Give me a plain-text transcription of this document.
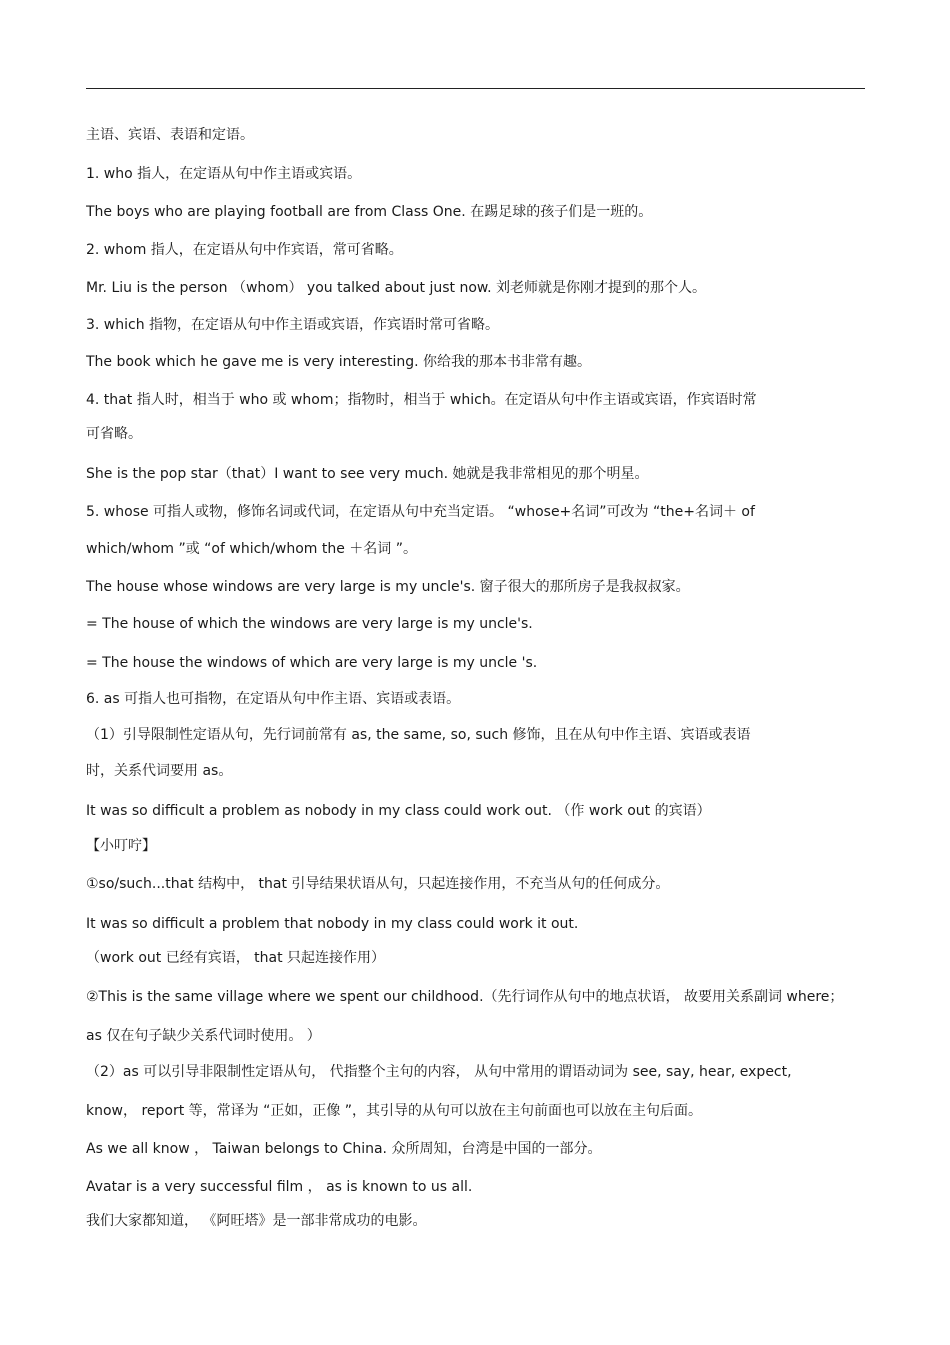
主语、宾语、表语和定语。
1. who 指人，在定语从句中作主语或宾语。
The boys who are playing football are from Class One. 在踢足球的孩子们是一班的。
2. whom 指人，在定语从句中作宾语，常可省略。
Mr. Liu is the person （whom） you talked about just now. 刘老师就是你刚才提到的那个人。
3. which 指物，在定语从句中作主语或宾语，作宾语时常可省略。
The book which he gave me is very interesting. 你给我的那本书非常有趣。
4. that 指人时，相当于 who 或 whom；指物时，相当于 which。在定语从句中作主语或宾语，作宾语时常
可省略。
She is the pop star（that）I want to see very much. 她就是我非常相见的那个明星。
5. whose 可指人或物，修饰名词或代词，在定语从句中充当定语。 “whose+名词”可改为 “the+名词＋ of
which/whom ”或 “of which/whom the ＋名词 ”。
The house whose windows are very large is my uncle's. 窗子很大的那所房子是我叔叔家。
= The house of which the windows are very large is my uncle's.
= The house the windows of which are very large is my uncle 's.
6. as 可指人也可指物，在定语从句中作主语、宾语或表语。
（1）引导限制性定语从句，先行词前常有 as, the same, so, such 修饰，且在从句中作主语、宾语或表语
时，关系代词要用 as。
It was so difficult a problem as nobody in my class could work out. （作 work out 的宾语）
【小叮咛】
①so/such...that 结构中， that 引导结果状语从句，只起连接作用，不充当从句的任何成分。
It was so difficult a problem that nobody in my class could work it out.
（work out 已经有宾语， that 只起连接作用）
②This is the same village where we spent our childhood.（先行词作从句中的地点状语， 故要用关系副词 where；
as 仅在句子缺少关系代词时使用。 ）
（2）as 可以引导非限制性定语从句， 代指整个主句的内容， 从句中常用的谓语动词为 see, say, hear, expect,
know， report 等，常译为 “正如，正像 ”，其引导的从句可以放在主句前面也可以放在主句后面。
As we all know ， Taiwan belongs to China. 众所周知，台湾是中国的一部分。
Avatar is a very successful film ， as is known to us all.
我们大家都知道， 《阿旺塔》是一部非常成功的电影。
